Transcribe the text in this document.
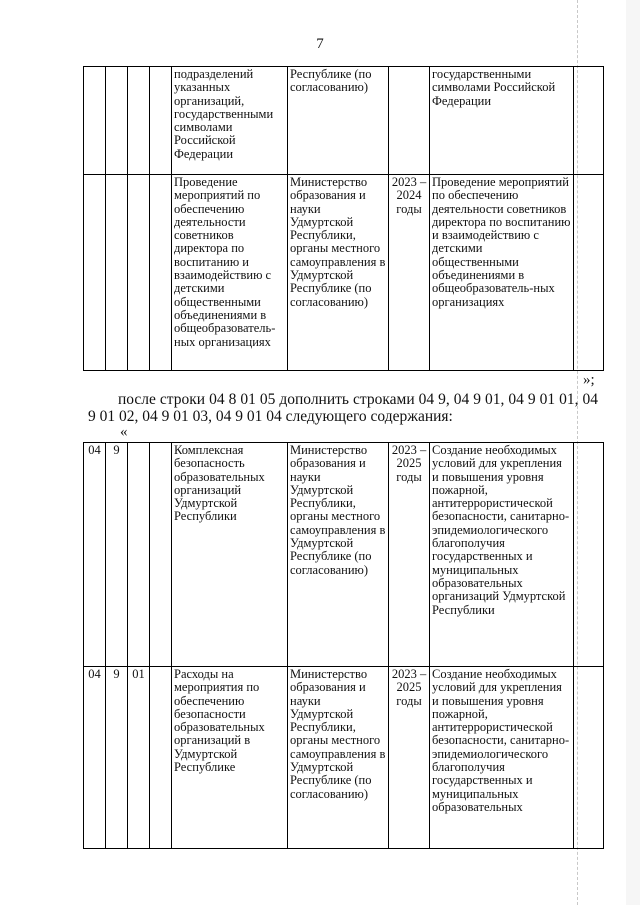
7
				подразделений указанных организаций, государственными символами Российской Федерации	Республике (по согласованию)		государственными символами Российской Федерации	
				Проведение мероприятий по обеспечению деятельности советников директора по воспитанию и взаимодействию с детскими общественными объединениями в общеобразователь-ных организациях	Министерство образования и науки Удмуртской Республики, органы местного самоуправления в Удмуртской Республике (по согласованию)	2023 – 2024 годы	Проведение мероприятий по обеспечению деятельности советников директора по воспитанию и взаимодействию с детскими общественными объединениями в общеобразователь-ных организациях	
»;
после строки 04 8 01 05 дополнить строками 04 9, 04 9 01, 04 9 01 01, 04 9 01 02, 04 9 01 03, 04 9 01 04 следующего содержания:
«
04	9			Комплексная безопасность образовательных организаций Удмуртской Республики	Министерство образования и науки Удмуртской Республики, органы местного самоуправления в Удмуртской Республике (по согласованию)	2023 – 2025 годы	Создание необходимых условий для укрепления и повышения уровня пожарной, антитеррористической безопасности, санитарно-эпидемиологического благополучия государственных и муниципальных образовательных организаций Удмуртской Республики	
04	9	01		Расходы на мероприятия по обеспечению безопасности образовательных организаций в Удмуртской Республике	Министерство образования и науки Удмуртской Республики, органы местного самоуправления в Удмуртской Республике (по согласованию)	2023 – 2025 годы	Создание необходимых условий для укрепления и повышения уровня пожарной, антитеррористической безопасности, санитарно-эпидемиологического благополучия государственных и муниципальных образовательных	
